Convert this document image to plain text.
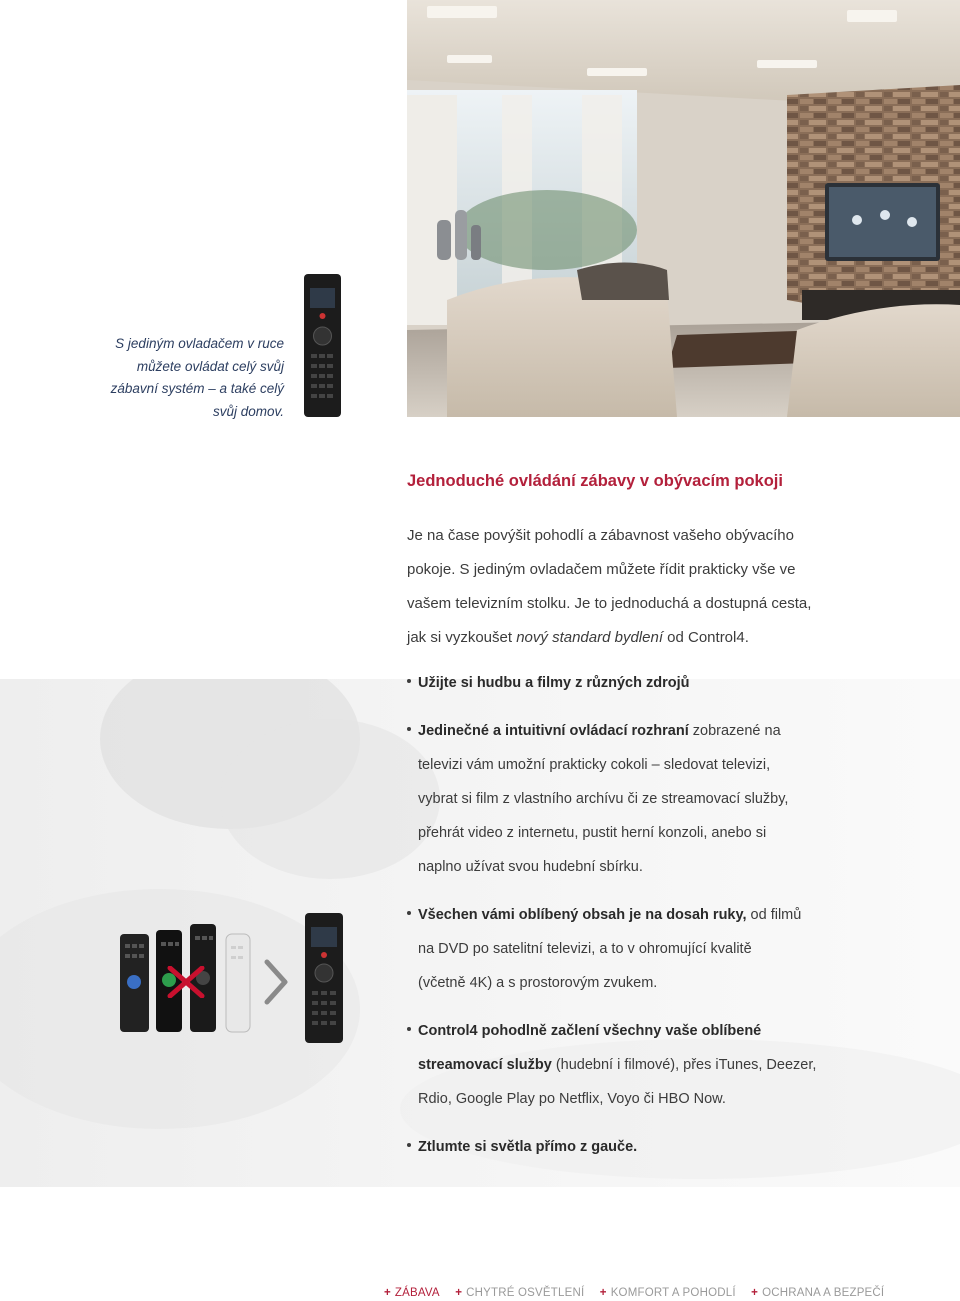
S jediným ovladačem v ruce
můžete ovládat celý svůj
zábavní systém – a také celý
svůj domov.
Jednoduché ovládání zábavy v obývacím pokoji
Je na čase povýšit pohodlí a zábavnost vašeho obývacího
pokoje. S jediným ovladačem můžete řídit prakticky vše ve
vašem televizním stolku. Je to jednoduchá a dostupná cesta,
jak si vyzkoušet nový standard bydlení od Control4.
Užijte si hudbu a filmy z různých zdrojů
Jedinečné a intuitivní ovládací rozhraní zobrazené na
televizi vám umožní prakticky cokoli – sledovat televizi,
vybrat si film z vlastního archívu či ze streamovací služby,
přehrát video z internetu, pustit herní konzoli, anebo si
naplno užívat svou hudební sbírku.
Všechen vámi oblíbený obsah je na dosah ruky, od filmů
na DVD po satelitní televizi, a to v ohromující kvalitě
(včetně 4K) a s prostorovým zvukem.
Control4 pohodlně začlení všechny vaše oblíbené
streamovací služby (hudební i filmové), přes iTunes, Deezer,
Rdio, Google Play po Netflix, Voyo či HBO Now.
Ztlumte si světla přímo z gauče.
+ ZÁBAVA + CHYTRÉ OSVĚTLENÍ + KOMFORT A POHODLÍ + OCHRANA A BEZPEČÍ
